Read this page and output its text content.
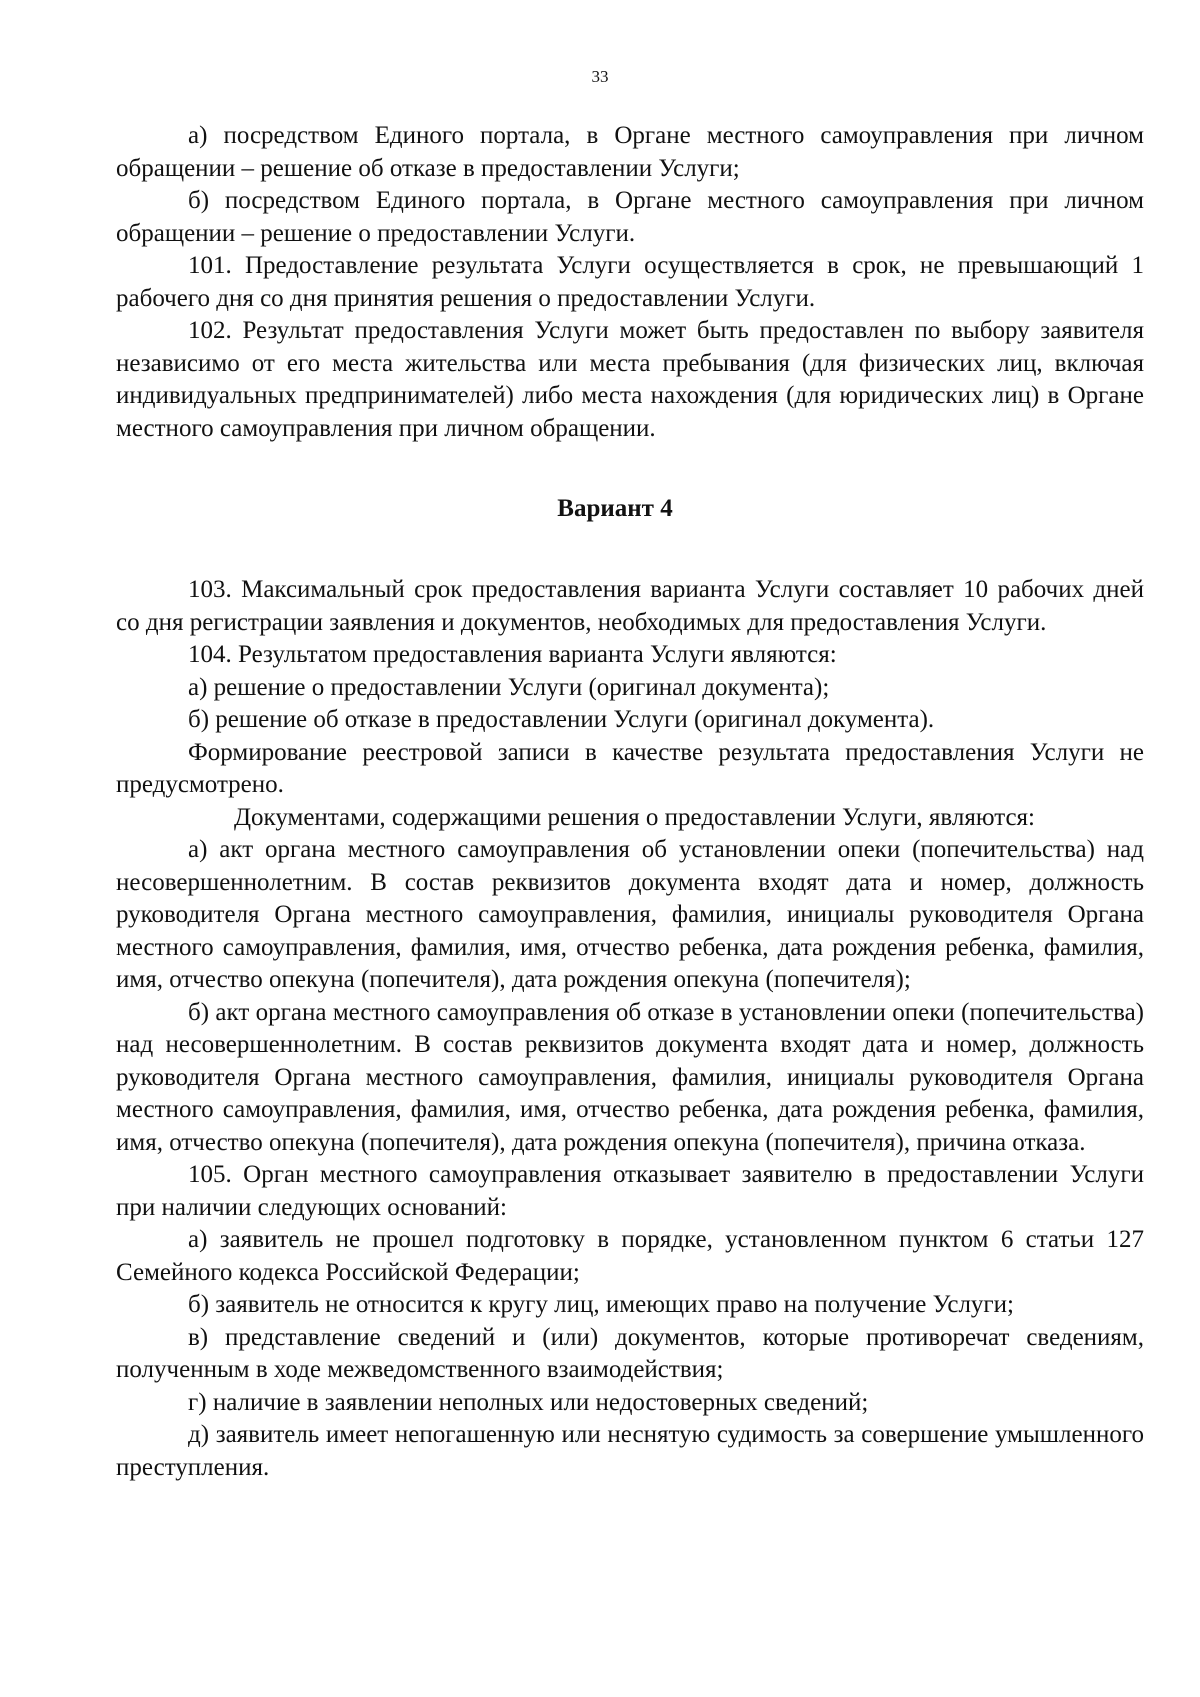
33

а) посредством Единого портала, в Органе местного самоуправления при личном обращении – решение об отказе в предоставлении Услуги;

б) посредством Единого портала, в Органе местного самоуправления при личном обращении – решение о предоставлении Услуги.

101. Предоставление результата Услуги осуществляется в срок, не превышающий 1 рабочего дня со дня принятия решения о предоставлении Услуги.

102. Результат предоставления Услуги может быть предоставлен по выбору заявителя независимо от его места жительства или места пребывания (для физических лиц, включая индивидуальных предпринимателей) либо места нахождения (для юридических лиц) в Органе местного самоуправления при личном обращении.

Вариант 4

103. Максимальный срок предоставления варианта Услуги составляет 10 рабочих дней со дня регистрации заявления и документов, необходимых для предоставления Услуги.

104. Результатом предоставления варианта Услуги являются:

а) решение о предоставлении Услуги (оригинал документа);

б) решение об отказе в предоставлении Услуги (оригинал документа).

Формирование реестровой записи в качестве результата предоставления Услуги не предусмотрено.

Документами, содержащими решения о предоставлении Услуги, являются:

а) акт органа местного самоуправления об установлении опеки (попечительства) над несовершеннолетним. В состав реквизитов документа входят дата и номер, должность руководителя Органа местного самоуправления, фамилия, инициалы руководителя Органа местного самоуправления, фамилия, имя, отчество ребенка, дата рождения ребенка, фамилия, имя, отчество опекуна (попечителя), дата рождения опекуна (попечителя);

б) акт органа местного самоуправления об отказе в установлении опеки (попечительства) над несовершеннолетним. В состав реквизитов документа входят дата и номер, должность руководителя Органа местного самоуправления, фамилия, инициалы руководителя Органа местного самоуправления, фамилия, имя, отчество ребенка, дата рождения ребенка, фамилия, имя, отчество опекуна (попечителя), дата рождения опекуна (попечителя), причина отказа.

105. Орган местного самоуправления отказывает заявителю в предоставлении Услуги при наличии следующих оснований:

а) заявитель не прошел подготовку в порядке, установленном пунктом 6 статьи 127 Семейного кодекса Российской Федерации;

б) заявитель не относится к кругу лиц, имеющих право на получение Услуги;

в) представление сведений и (или) документов, которые противоречат сведениям, полученным в ходе межведомственного взаимодействия;

г) наличие в заявлении неполных или недостоверных сведений;

д) заявитель имеет непогашенную или неснятую судимость за совершение умышленного преступления.
